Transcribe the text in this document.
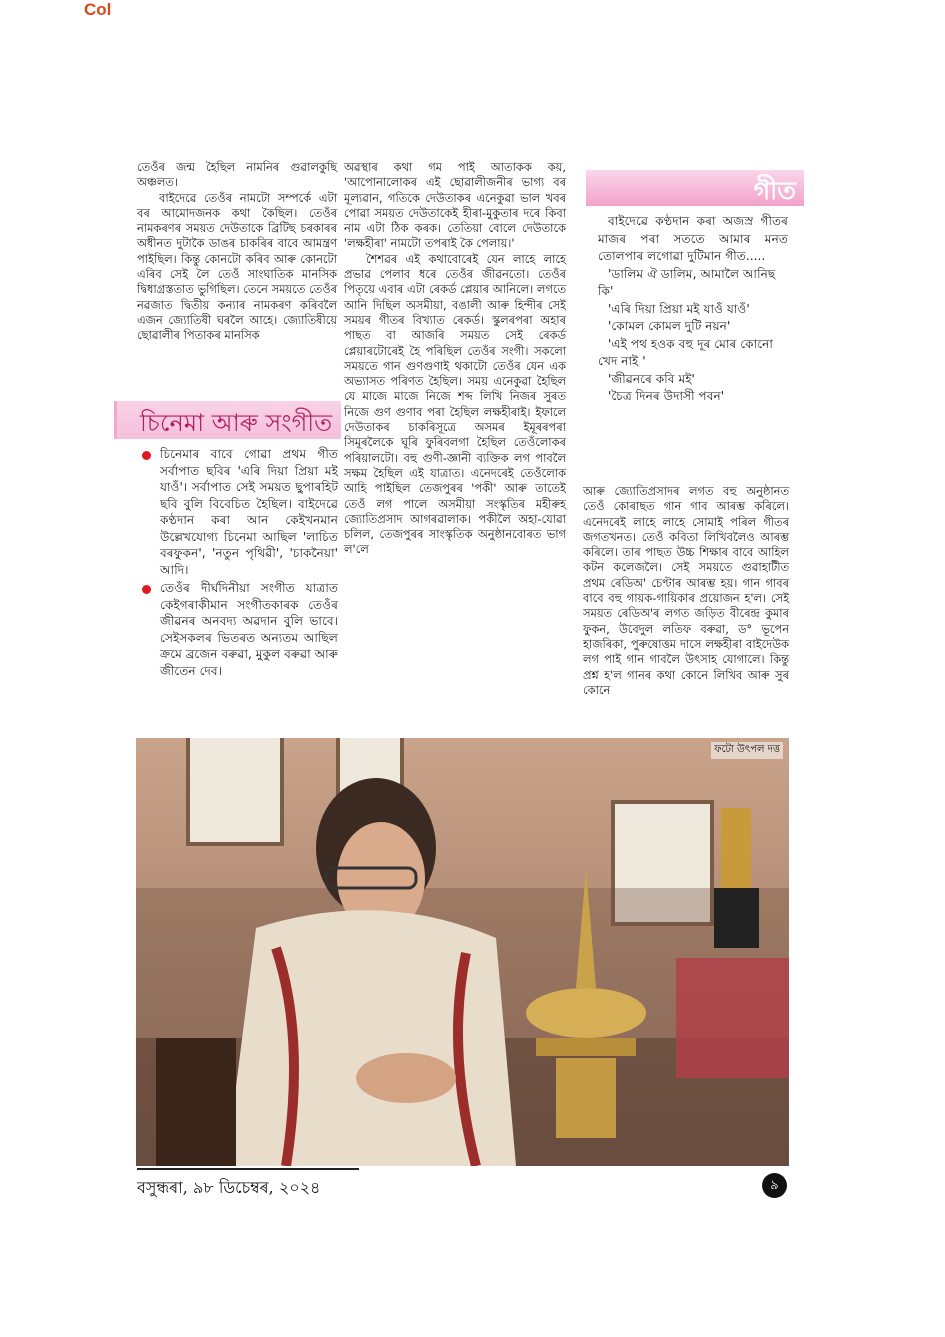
Col

তেওঁৰ জন্ম হৈছিল নামনিৰ গুৱালকুছি অঞ্চলত।

বাইদেৱে তেওঁৰ নামটো সম্পৰ্কে এটা বৰ আমোদজনক কথা কৈছিল। তেওঁৰ নামকৰণৰ সময়ত দেউতাকে ব্ৰিটিছ চৰকাৰৰ অধীনত দুটাকৈ ডাঙৰ চাকৰিৰ বাবে আমন্ত্ৰণ পাইছিল। কিন্তু কোনটো কৰিব আৰু কোনটো এৰিব সেই লৈ তেওঁ সাংঘাতিক মানসিক দ্বিধাগ্ৰস্ততাত ভুগিছিল। তেনে সময়তে তেওঁৰ নৱজাত দ্বিতীয় কন্যাৰ নামকৰণ কৰিবলৈ এজন জ্যোতিষী ঘৰলৈ আহে। জ্যোতিষীয়ে ছোৱালীৰ পিতাকৰ মানসিক

অৱস্থাৰ কথা গম পাই আতাকক কয়, 'আপোনালোকৰ এই ছোৱালীজনীৰ ভাগ্য বৰ মূল্যৱান, গতিকে দেউতাকৰ এনেকুৱা ভাল খবৰ পোৱা সময়ত দেউতাকেই হীৰা-মুকুতাৰ দৰে কিবা নাম এটা ঠিক কৰক। তেতিয়া বোলে দেউতাকে 'লক্ষহীৰা' নামটো তপৰাই কৈ পেলায়।'

শৈশৱৰ এই কথাবোৰেই যেন লাহে লাহে প্ৰভাৱ পেলাব ধৰে তেওঁৰ জীৱনতো। তেওঁৰ পিতৃয়ে এবাৰ এটা ৰেকৰ্ড প্লেয়াৰ আনিলে। লগতে আনি দিছিল অসমীয়া, বঙালী আৰু হিন্দীৰ সেই সময়ৰ গীতৰ বিখ্যাত ৰেকৰ্ড। স্কুলৰপৰা অহাৰ পাছত বা আজৰি সময়ত সেই ৰেকৰ্ড প্লেয়াৰটোৰেই হৈ পৰিছিল তেওঁৰ সংগী। সকলো সময়তে গান গুণগুণাই থকাটো তেওঁৰ যেন এক অভ্যাসত পৰিণত হৈছিল। সময় এনেকুৱা হৈছিল যে মাজে মাজে নিজে শব্দ লিখি নিজৰ সুৰত নিজে গুণ গুণাব পৰা হৈছিল লক্ষহীৰাই। ইফালে দেউতাকৰ চাকৰিসূত্ৰে অসমৰ ইমূৰৰপৰা সিমূৰলৈকে ঘূৰি ফুৰিবলগা হৈছিল তেওঁলোকৰ পৰিয়ালটো। বহু গুণী-জ্ঞানী ব্যক্তিক লগ পাবলৈ সক্ষম হৈছিল এই যাত্ৰাত। এনেদৰেই তেওঁলোক আহি পাইছিল তেজপুৰৰ 'পকী' আৰু তাতেই তেওঁ লগ পালে অসমীয়া সংস্কৃতিৰ মহীৰুহ জ্যোতিপ্ৰসাদ আগৰৱালাক। পকীলৈ অহা-যোৱা চলিল, তেজপুৰৰ সাংস্কৃতিক অনুষ্ঠানবোৰত ভাগ ল'লে

আৰু জ্যোতিপ্ৰসাদৰ লগত বহু অনুষ্ঠানত তেওঁ কোৰাছত গান গাব আৰম্ভ কৰিলে। এনেদৰেই লাহে লাহে সোমাই পৰিল গীতৰ জগতখনত। তেওঁ কবিতা লিখিবলৈও আৰম্ভ কৰিলে। তাৰ পাছত উচ্চ শিক্ষাৰ বাবে আহিল কটন কলেজলৈ। সেই সময়তে গুৱাহাটীত প্ৰথম ৰেডিঅ' চেণ্টাৰ আৰম্ভ হয়। গান গাবৰ বাবে বহু গায়ক-গায়িকাৰ প্ৰয়োজন হ'ল। সেই সময়ত ৰেডিঅ'ৰ লগত জড়িত বীৰেন্দ্ৰ কুমাৰ ফুকন, উবেদুল লতিফ বৰুৱা, ড° ভূপেন হাজৰিকা, পুৰুষোত্তম দাসে লক্ষহীৰা বাইদেউক লগ পাই গান গাবলৈ উৎসাহ যোগালে। কিন্তু প্ৰশ্ন হ'ল গানৰ কথা কোনে লিখিব আৰু সুৰ কোনে

চিনেমা আৰু সংগীত
চিনেমাৰ বাবে গোৱা প্ৰথম গীত সৰ্বাপাত ছবিৰ 'এৰি দিয়া প্ৰিয়া মই যাওঁ'। সৰ্বাপাত সেই সময়ত ছুপাৰহিট ছবি বুলি বিবেচিত হৈছিল। বাইদেৱে কণ্ঠদান কৰা আন কেইখনমান উল্লেখযোগ্য চিনেমা আছিল 'লাচিত বৰফুকন', 'নতুন পৃথিৱী', 'চাকনৈয়া' আদি।
তেওঁৰ দীৰ্ঘদিনীয়া সংগীত যাত্ৰাত কেইগৰাকীমান সংগীতকাৰক তেওঁৰ জীৱনৰ অনবদ্য অৱদান বুলি ভাবে। সেইসকলৰ ভিতৰত অন্যতম আছিল ক্ৰমে ব্ৰজেন বৰুৱা, মুকুল বৰুৱা আৰু জীতেন দেব।
গীত

বাইদেৱে কণ্ঠদান কৰা অজস্ৰ গীতৰ মাজৰ পৰা সততে আমাৰ মনত তোলপাৰ লগোৱা দুটিমান গীত.....

'ডালিম ঐ ডালিম, আমালৈ আনিছ কি'

'এৰি দিয়া প্ৰিয়া মই যাওঁ যাওঁ'

'কোমল কোমল দুটি নয়ন'

'এই পথ হওক বহু দূৰ মোৰ কোনো খেদ নাই '

'জীৱনৰে কবি মই'

'চৈত্ৰ দিনৰ উদাসী পবন'

ফটো উৎপল দত্ত
বসুন্ধৰা, ৯৮ ডিচেম্বৰ, ২০২৪	৯
